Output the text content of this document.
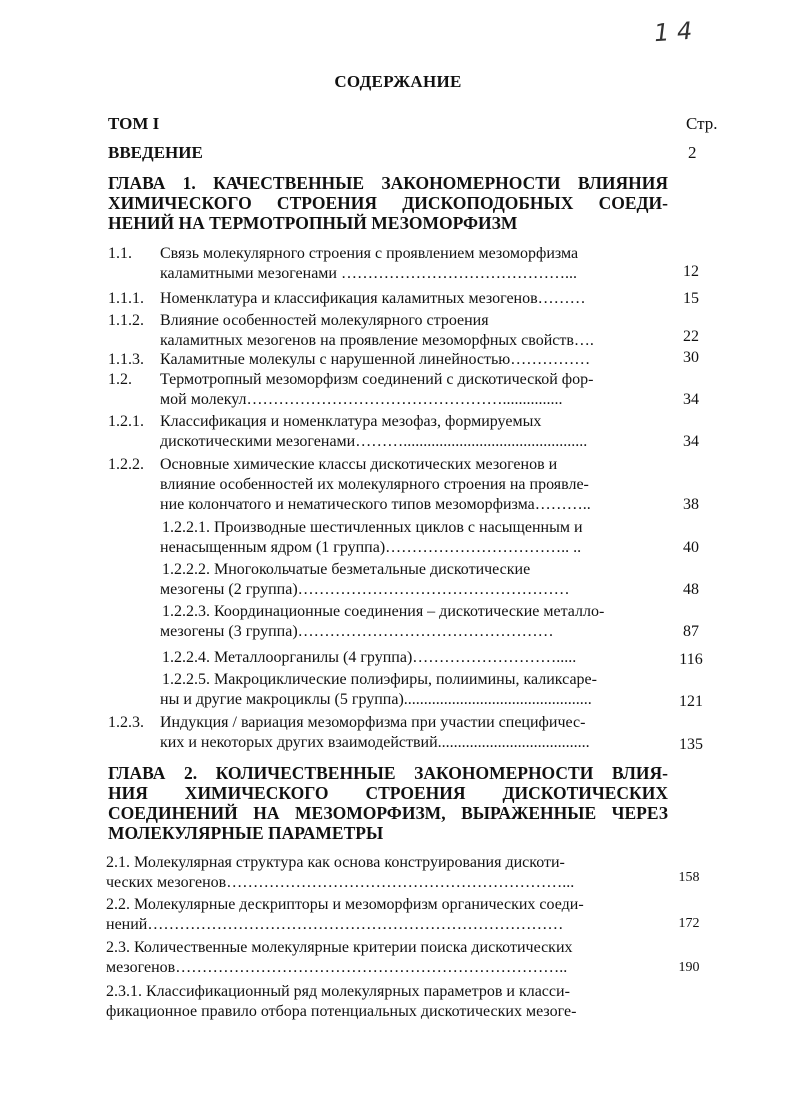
1 4
СОДЕРЖАНИЕ
ТОМ I	Стр.
ВВЕДЕНИЕ	2
ГЛАВА 1. КАЧЕСТВЕННЫЕ ЗАКОНОМЕРНОСТИ ВЛИЯНИЯ
ХИМИЧЕСКОГО СТРОЕНИЯ ДИСКОПОДОБНЫХ СОЕДИ-
НЕНИЙ НА ТЕРМОТРОПНЫЙ МЕЗОМОРФИЗМ
1.1. Связь молекулярного строения с проявлением мезоморфизма
каламитными мезогенами ……………………………………...	12
1.1.1. Номенклатура и классификация каламитных мезогенов………	15
1.1.2. Влияние особенностей молекулярного строения
каламитных мезогенов на проявление мезоморфных свойств….	22
1.1.3. Каламитные молекулы с нарушенной линейностью……………	30
1.2. Термотропный мезоморфизм соединений с дискотической фор-
мой молекул…………………………………………...............	34
1.2.1. Классификация и номенклатура мезофаз, формируемых
дискотическими мезогенами………..............................................	34
1.2.2. Основные химические классы дискотических мезогенов и
влияние особенностей их молекулярного строения на проявле-
ние колончатого и нематического типов мезоморфизма………..	38
1.2.2.1. Производные шестичленных циклов с насыщенным и
ненасыщенным ядром (1 группа)…………………………….. ..	40
1.2.2.2. Многокольчатые безметальные дискотические
мезогены (2 группа)……………………………………………	48
1.2.2.3. Координационные соединения – дискотические металло-
мезогены (3 группа)…………………………………………	87
1.2.2.4. Металлоорганилы (4 группа)……………………….....	116
1.2.2.5. Макроциклические полиэфиры, полиимины, каликсаре-
ны и другие макроциклы (5 группа)...............................................	121
1.2.3. Индукция / вариация мезоморфизма при участии специфичес-
ких и некоторых других взаимодействий......................................	135
ГЛАВА 2. КОЛИЧЕСТВЕННЫЕ ЗАКОНОМЕРНОСТИ ВЛИЯ-
НИЯ ХИМИЧЕСКОГО СТРОЕНИЯ ДИСКОТИЧЕСКИХ
СОЕДИНЕНИЙ НА МЕЗОМОРФИЗМ, ВЫРАЖЕННЫЕ ЧЕРЕЗ
МОЛЕКУЛЯРНЫЕ ПАРАМЕТРЫ
2.1. Молекулярная структура как основа конструирования дискоти-
ческих мезогенов………………………………………………………...	158
2.2. Молекулярные дескрипторы и мезоморфизм органических соеди-
нений……………………………………………………………………	172
2.3. Количественные молекулярные критерии поиска дискотических
мезогенов………………………………………………………………..	190
2.3.1. Классификационный ряд молекулярных параметров и класси-
фикационное правило отбора потенциальных дискотических мезоге-
